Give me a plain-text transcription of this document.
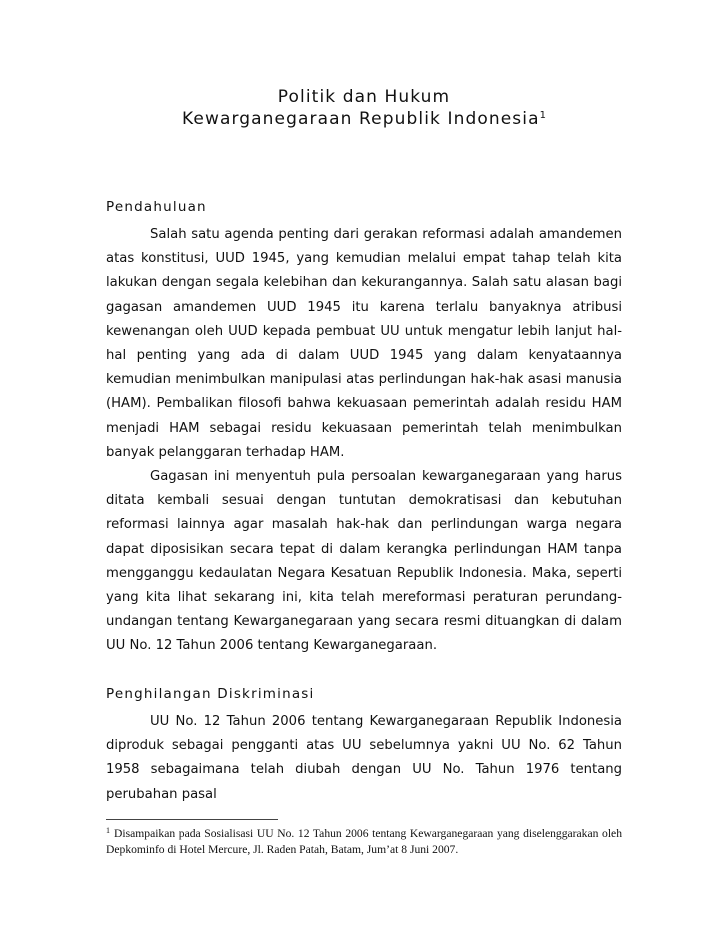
Politik dan Hukum
Kewarganegaraan Republik Indonesia$^1$
Pendahuluan

Salah satu agenda penting dari gerakan reformasi adalah amandemen atas konstitusi, UUD 1945, yang kemudian melalui empat tahap telah kita lakukan dengan segala kelebihan dan kekurangannya. Salah satu alasan bagi gagasan amandemen UUD 1945 itu karena terlalu banyaknya atribusi kewenangan oleh UUD kepada pembuat UU untuk mengatur lebih lanjut hal-hal penting yang ada di dalam UUD 1945 yang dalam kenyataannya kemudian menimbulkan manipulasi atas perlindungan hak-hak asasi manusia (HAM). Pembalikan filosofi bahwa kekuasaan pemerintah adalah residu HAM menjadi HAM sebagai residu kekuasaan pemerintah telah menimbulkan banyak pelanggaran terhadap HAM.

Gagasan ini menyentuh pula persoalan kewarganegaraan yang harus ditata kembali sesuai dengan tuntutan demokratisasi dan kebutuhan reformasi lainnya agar masalah hak-hak dan perlindungan warga negara dapat diposisikan secara tepat di dalam kerangka perlindungan HAM tanpa mengganggu kedaulatan Negara Kesatuan Republik Indonesia. Maka, seperti yang kita lihat sekarang ini, kita telah mereformasi peraturan perundang-undangan tentang Kewarganegaraan yang secara resmi dituangkan di dalam UU No. 12 Tahun 2006 tentang Kewarganegaraan.

Penghilangan Diskriminasi

UU No. 12 Tahun 2006 tentang Kewarganegaraan Republik Indonesia diproduk sebagai pengganti atas UU sebelumnya yakni UU No. 62 Tahun 1958 sebagaimana telah diubah dengan UU No. Tahun 1976 tentang perubahan pasal

$^1$ Disampaikan pada Sosialisasi UU No. 12 Tahun 2006 tentang Kewarganegaraan yang diselenggarakan oleh Depkominfo di Hotel Mercure, Jl. Raden Patah, Batam, Jum’at 8 Juni 2007.
